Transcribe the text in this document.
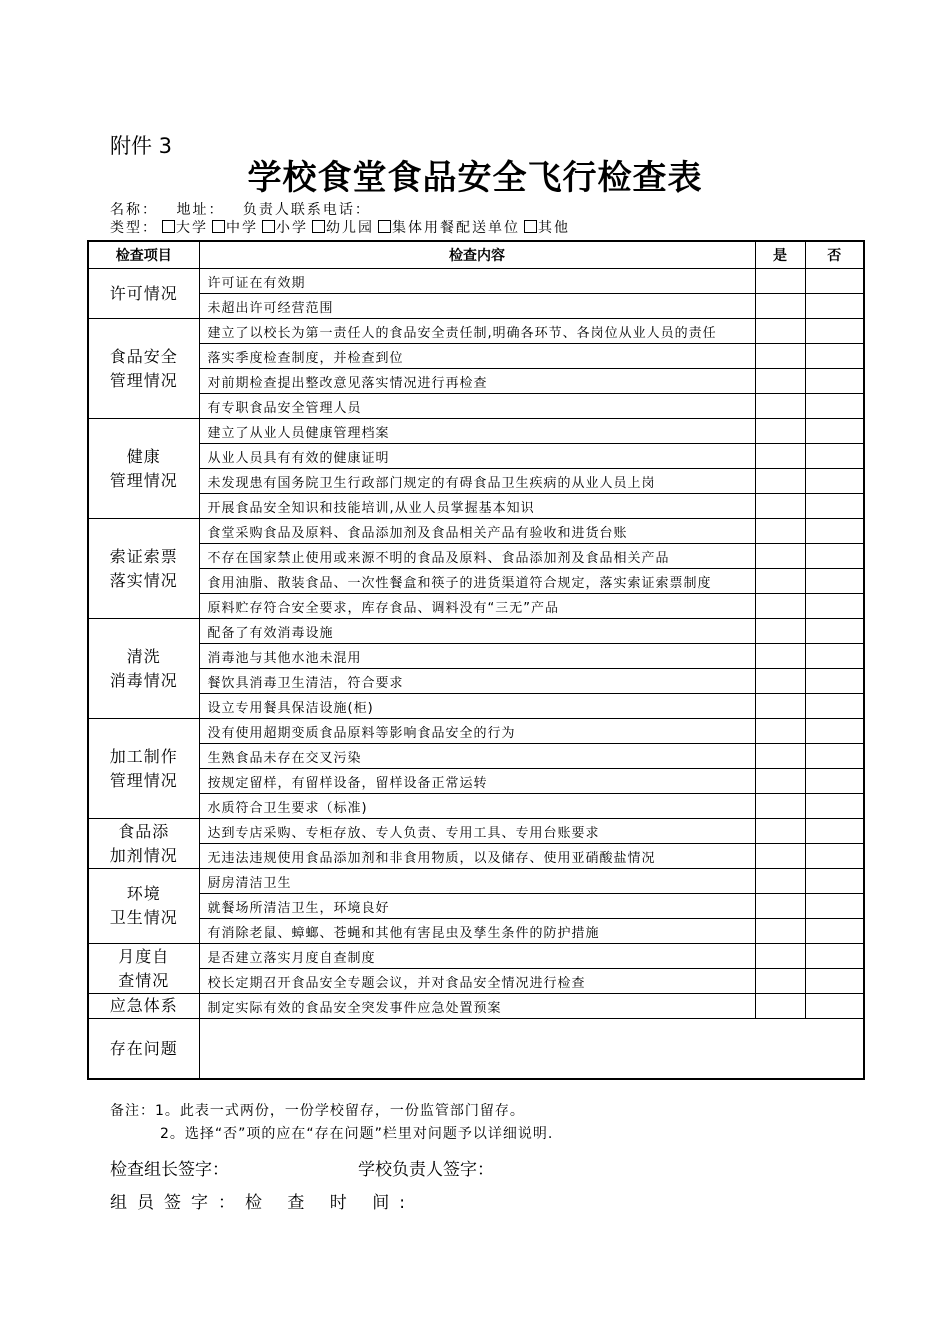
附件 3
学校食堂食品安全飞行检查表
名称： 地址： 负责人联系电话：
类型： 大学 中学 小学 幼儿园 集体用餐配送单位 其他
检查项目	检查内容	是	否

许可情况	许可证在有效期		
	未超出许可经营范围		

食品安全
管理情况	建立了以校长为第一责任人的食品安全责任制,明确各环节、各岗位从业人员的责任		
	落实季度检查制度，并检查到位		
	对前期检查提出整改意见落实情况进行再检查		
	有专职食品安全管理人员		

健康
管理情况	建立了从业人员健康管理档案		
	从业人员具有有效的健康证明		
	未发现患有国务院卫生行政部门规定的有碍食品卫生疾病的从业人员上岗		
	开展食品安全知识和技能培训,从业人员掌握基本知识		

索证索票
落实情况	食堂采购食品及原料、食品添加剂及食品相关产品有验收和进货台账		
	不存在国家禁止使用或来源不明的食品及原料、食品添加剂及食品相关产品		
	食用油脂、散装食品、一次性餐盒和筷子的进货渠道符合规定，落实索证索票制度		
	原料贮存符合安全要求，库存食品、调料没有“三无”产品		

清洗
消毒情况	配备了有效消毒设施		
	消毒池与其他水池未混用		
	餐饮具消毒卫生清洁，符合要求		
	设立专用餐具保洁设施(柜)		

加工制作
管理情况	没有使用超期变质食品原料等影响食品安全的行为		
	生熟食品未存在交叉污染		
	按规定留样，有留样设备，留样设备正常运转		
	水质符合卫生要求（标准)		

食品添
加剂情况	达到专店采购、专柜存放、专人负责、专用工具、专用台账要求		
	无违法违规使用食品添加剂和非食用物质，以及储存、使用亚硝酸盐情况		

环境
卫生情况	厨房清洁卫生		
	就餐场所清洁卫生，环境良好		
	有消除老鼠、蟑螂、苍蝇和其他有害昆虫及孳生条件的防护措施		

月度自
查情况	是否建立落实月度自查制度		
	校长定期召开食品安全专题会议，并对食品安全情况进行检查		

应急体系	制定实际有效的食品安全突发事件应急处置预案		
存在问题			
备注：1。此表一式两份，一份学校留存，一份监管部门留存。
2。选择“否”项的应在“存在问题”栏里对问题予以详细说明.
检查组长签字：	学校负责人签字：
组员签字：检 查 时 间:
